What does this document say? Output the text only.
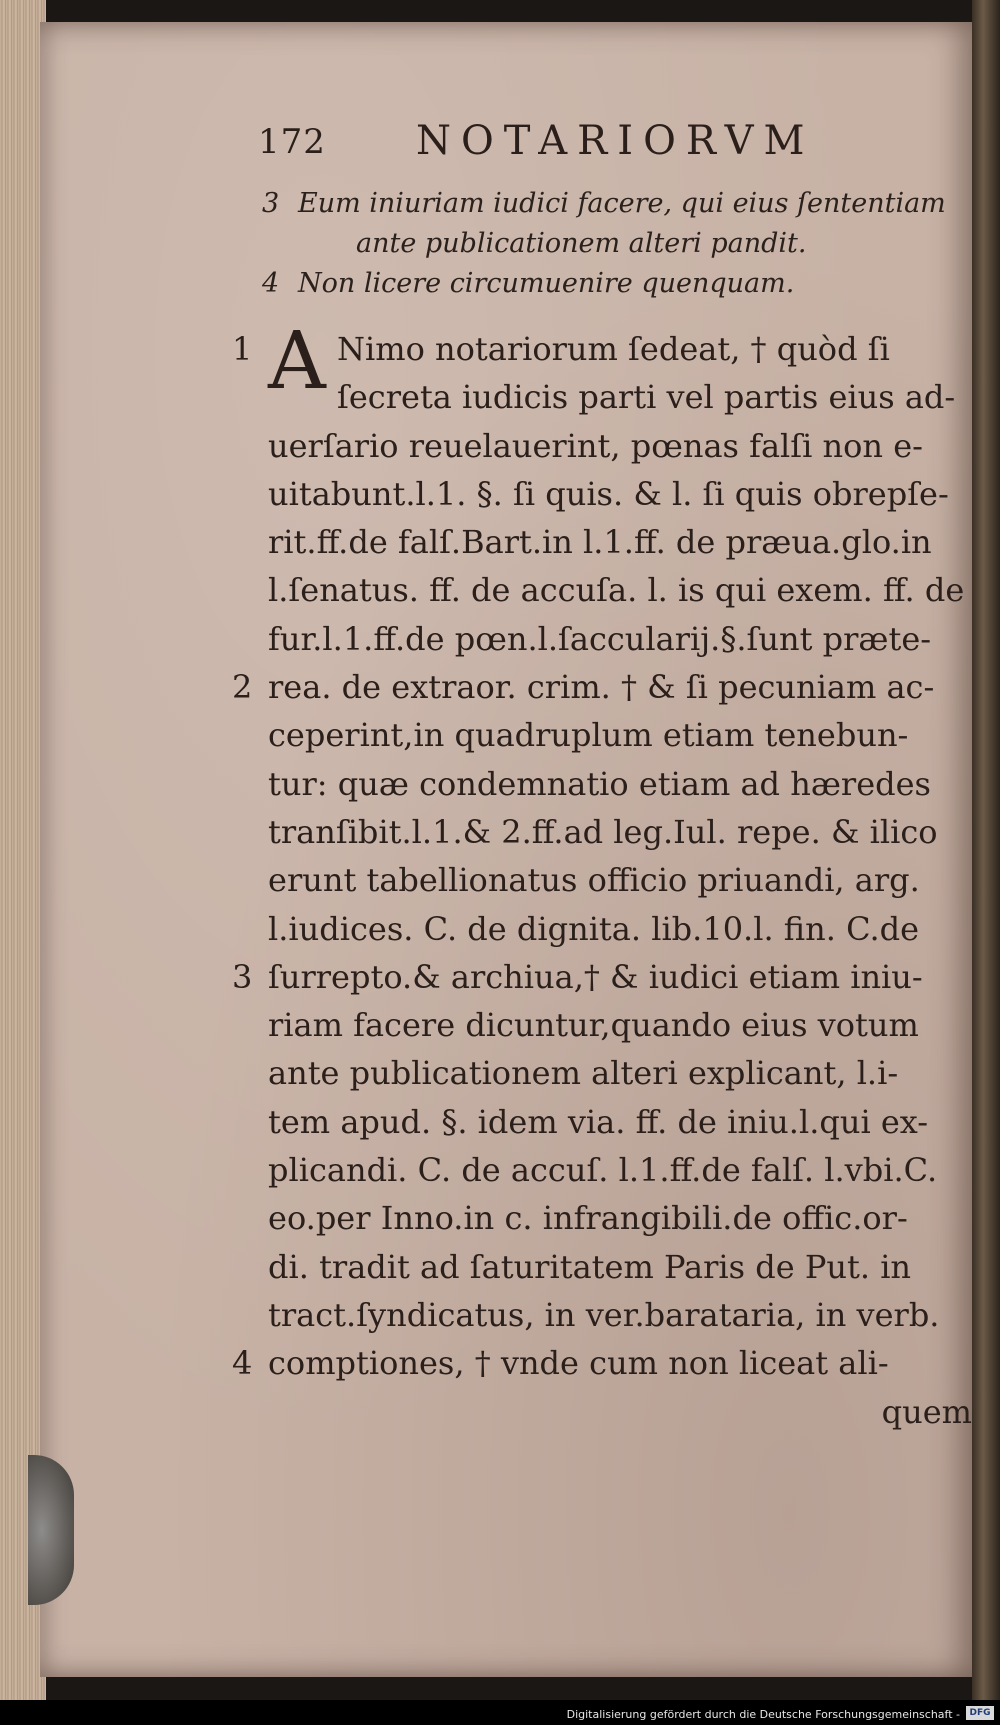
172 NOTARIORVM
3 Eum iniuriam iudici facere, qui eius ſententiam
ante publicationem alteri pandit.
4 Non licere circumuenire quenquam.
1 A Nimo notariorum ſedeat, † quòd ſi
ſecreta iudicis parti vel partis eius ad-
uerſario reuelauerint, pœnas falſi non e-
uitabunt.l.1. §. ſi quis. & l. ſi quis obrepſe-
rit.ff.de falſ.Bart.in l.1.ff. de præua.glo.in
l.ſenatus. ff. de accuſa. l. is qui exem. ff. de
fur.l.1.ff.de pœn.l.ſaccularij.§.ſunt præte-
2 rea. de extraor. crim. † & ſi pecuniam ac-
ceperint,in quadruplum etiam tenebun-
tur: quæ condemnatio etiam ad hæredes
tranſibit.l.1.& 2.ff.ad leg.Iul. repe. & ilico
erunt tabellionatus officio priuandi, arg.
l.iudices. C. de dignita. lib.10.l. fin. C.de
3 ſurrepto.& archiua,† & iudici etiam iniu-
riam facere dicuntur,quando eius votum
ante publicationem alteri explicant, l.i-
tem apud. §. idem via. ff. de iniu.l.qui ex-
plicandi. C. de accuſ. l.1.ff.de falſ. l.vbi.C.
eo.per Inno.in c. infrangibili.de offic.or-
di. tradit ad ſaturitatem Paris de Put. in
tract.ſyndicatus, in ver.barataria, in verb.
4 comptiones, † vnde cum non liceat ali-
quem
Digitalisierung gefördert durch die Deutsche Forschungsgemeinschaft -	DFG
